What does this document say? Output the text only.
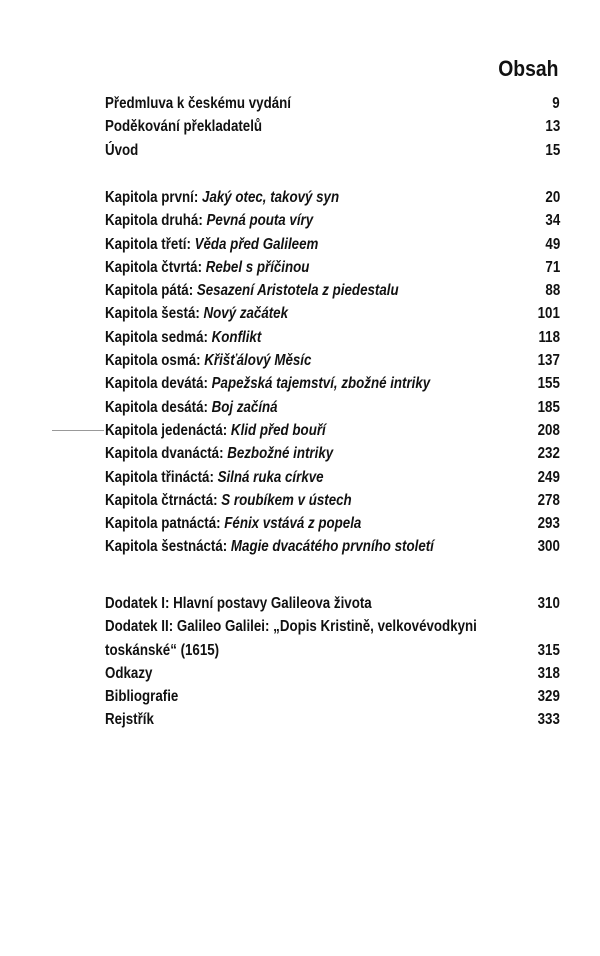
Obsah
Předmluva k českému vydání	9
Poděkování překladatelů	13
Úvod	15
Kapitola první: Jaký otec, takový syn	20
Kapitola druhá: Pevná pouta víry	34
Kapitola třetí: Věda před Galileem	49
Kapitola čtvrtá: Rebel s příčinou	71
Kapitola pátá: Sesazení Aristotela z piedestalu	88
Kapitola šestá: Nový začátek	101
Kapitola sedmá: Konflikt	118
Kapitola osmá: Křišťálový Měsíc	137
Kapitola devátá: Papežská tajemství, zbožné intriky	155
Kapitola desátá: Boj začíná	185
Kapitola jedenáctá: Klid před bouří	208
Kapitola dvanáctá: Bezbožné intriky	232
Kapitola třináctá: Silná ruka církve	249
Kapitola čtrnáctá: S roubíkem v ústech	278
Kapitola patnáctá: Fénix vstává z popela	293
Kapitola šestnáctá: Magie dvacátého prvního století	300
Dodatek I: Hlavní postavy Galileova života	310
Dodatek II: Galileo Galilei: „Dopis Kristině, velkovévodkyni
toskánské“ (1615)	315
Odkazy	318
Bibliografie	329
Rejstřík	333
